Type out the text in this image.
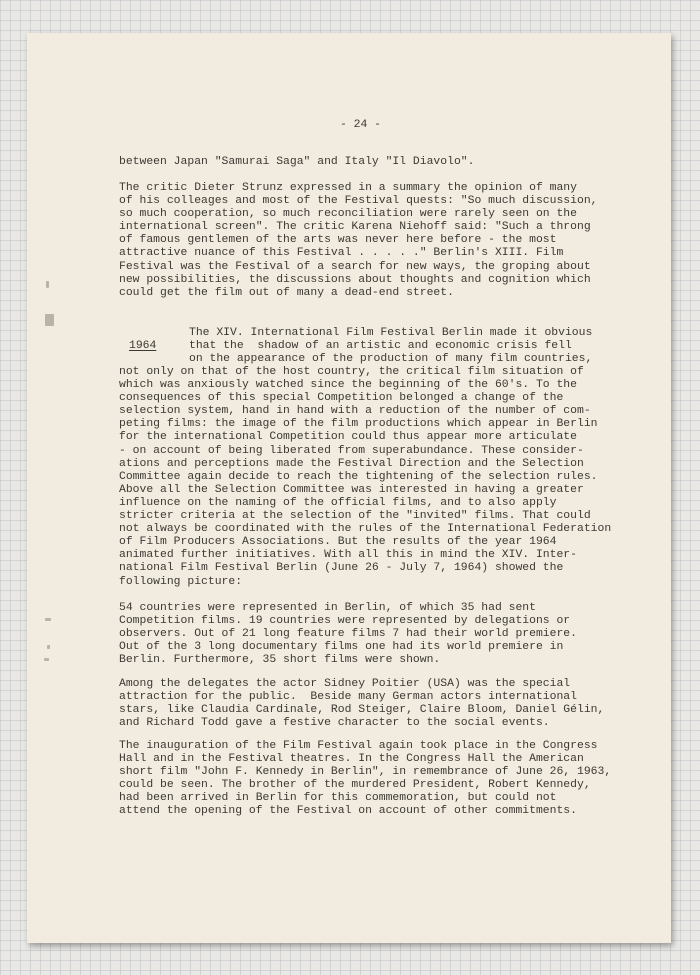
- 24 -
between Japan "Samurai Saga" and Italy "Il Diavolo".
The critic Dieter Strunz expressed in a summary the opinion of many
of his colleages and most of the Festival quests: "So much discussion,
so much cooperation, so much reconciliation were rarely seen on the
international screen". The critic Karena Niehoff said: "Such a throng
of famous gentlemen of the arts was never here before - the most
attractive nuance of this Festival . . . . ." Berlin's XIII. Film
Festival was the Festival of a search for new ways, the groping about
new possibilities, the discussions about thoughts and cognition which
could get the film out of many a dead-end street.
1964
The XIV. International Film Festival Berlin made it obvious
that the  shadow of an artistic and economic crisis fell
on the appearance of the production of many film countries,
not only on that of the host country, the critical film situation of
which was anxiously watched since the beginning of the 60's. To the
consequences of this special Competition belonged a change of the
selection system, hand in hand with a reduction of the number of com-
peting films: the image of the film productions which appear in Berlin
for the international Competition could thus appear more articulate
- on account of being liberated from superabundance. These consider-
ations and perceptions made the Festival Direction and the Selection
Committee again decide to reach the tightening of the selection rules.
Above all the Selection Committee was interested in having a greater
influence on the naming of the official films, and to also apply
stricter criteria at the selection of the "invited" films. That could
not always be coordinated with the rules of the International Federation
of Film Producers Associations. But the results of the year 1964
animated further initiatives. With all this in mind the XIV. Inter-
national Film Festival Berlin (June 26 - July 7, 1964) showed the
following picture:
54 countries were represented in Berlin, of which 35 had sent
Competition films. 19 countries were represented by delegations or
observers. Out of 21 long feature films 7 had their world premiere.
Out of the 3 long documentary films one had its world premiere in
Berlin. Furthermore, 35 short films were shown.
Among the delegates the actor Sidney Poitier (USA) was the special
attraction for the public.  Beside many German actors international
stars, like Claudia Cardinale, Rod Steiger, Claire Bloom, Daniel Gélin,
and Richard Todd gave a festive character to the social events.
The inauguration of the Film Festival again took place in the Congress
Hall and in the Festival theatres. In the Congress Hall the American
short film "John F. Kennedy in Berlin", in remembrance of June 26, 1963,
could be seen. The brother of the murdered President, Robert Kennedy,
had been arrived in Berlin for this commemoration, but could not
attend the opening of the Festival on account of other commitments.
